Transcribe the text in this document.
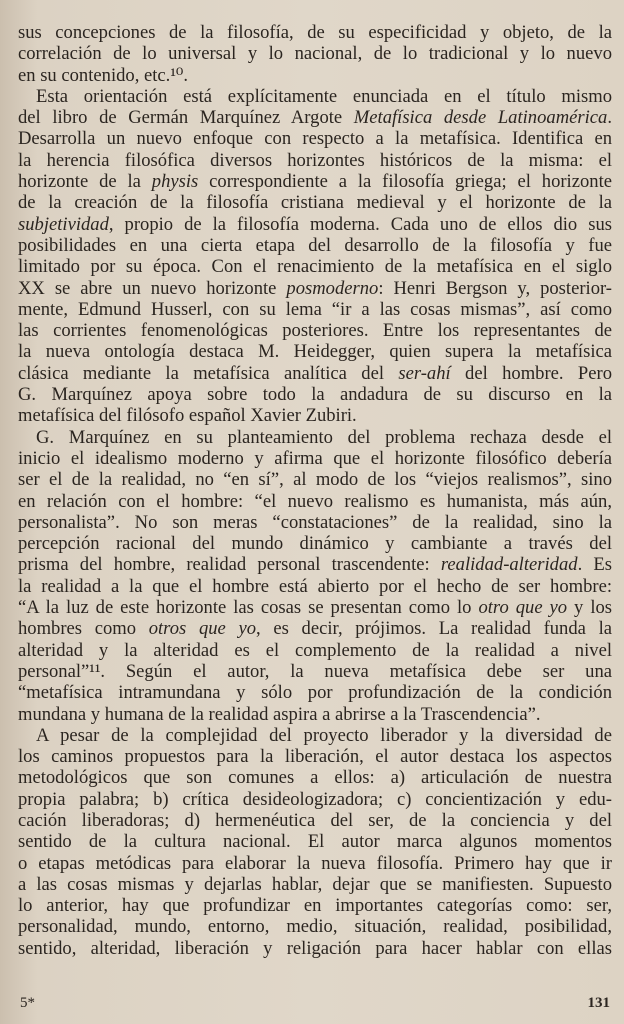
sus concepciones de la filosofía, de su especificidad y objeto, de la
correlación de lo universal y lo nacional, de lo tradicional y lo nuevo
en su contenido, etc.¹⁰.
Esta orientación está explícitamente enunciada en el título mismo
del libro de Germán Marquínez Argote Metafísica desde Latinoamérica.
Desarrolla un nuevo enfoque con respecto a la metafísica. Identifica en
la herencia filosófica diversos horizontes históricos de la misma: el
horizonte de la physis correspondiente a la filosofía griega; el horizonte
de la creación de la filosofía cristiana medieval y el horizonte de la
subjetividad, propio de la filosofía moderna. Cada uno de ellos dio sus
posibilidades en una cierta etapa del desarrollo de la filosofía y fue
limitado por su época. Con el renacimiento de la metafísica en el siglo
XX se abre un nuevo horizonte posmoderno: Henri Bergson y, posterior-
mente, Edmund Husserl, con su lema “ir a las cosas mismas”, así como
las corrientes fenomenológicas posteriores. Entre los representantes de
la nueva ontología destaca M. Heidegger, quien supera la metafísica
clásica mediante la metafísica analítica del ser-ahí del hombre. Pero
G. Marquínez apoya sobre todo la andadura de su discurso en la
metafísica del filósofo español Xavier Zubiri.
G. Marquínez en su planteamiento del problema rechaza desde el
inicio el idealismo moderno y afirma que el horizonte filosófico debería
ser el de la realidad, no “en sí”, al modo de los “viejos realismos”, sino
en relación con el hombre: “el nuevo realismo es humanista, más aún,
personalista”. No son meras “constataciones” de la realidad, sino la
percepción racional del mundo dinámico y cambiante a través del
prisma del hombre, realidad personal trascendente: realidad-alteridad. Es
la realidad a la que el hombre está abierto por el hecho de ser hombre:
“A la luz de este horizonte las cosas se presentan como lo otro que yo y los
hombres como otros que yo, es decir, prójimos. La realidad funda la
alteridad y la alteridad es el complemento de la realidad a nivel
personal”¹¹. Según el autor, la nueva metafísica debe ser una
“metafísica intramundana y sólo por profundización de la condición
mundana y humana de la realidad aspira a abrirse a la Trascendencia”.
A pesar de la complejidad del proyecto liberador y la diversidad de
los caminos propuestos para la liberación, el autor destaca los aspectos
metodológicos que son comunes a ellos: a) articulación de nuestra
propia palabra; b) crítica desideologizadora; c) concientización y edu-
cación liberadoras; d) hermenéutica del ser, de la conciencia y del
sentido de la cultura nacional. El autor marca algunos momentos
o etapas metódicas para elaborar la nueva filosofía. Primero hay que ir
a las cosas mismas y dejarlas hablar, dejar que se manifiesten. Supuesto
lo anterior, hay que profundizar en importantes categorías como: ser,
personalidad, mundo, entorno, medio, situación, realidad, posibilidad,
sentido, alteridad, liberación y religación para hacer hablar con ellas
5*	131
